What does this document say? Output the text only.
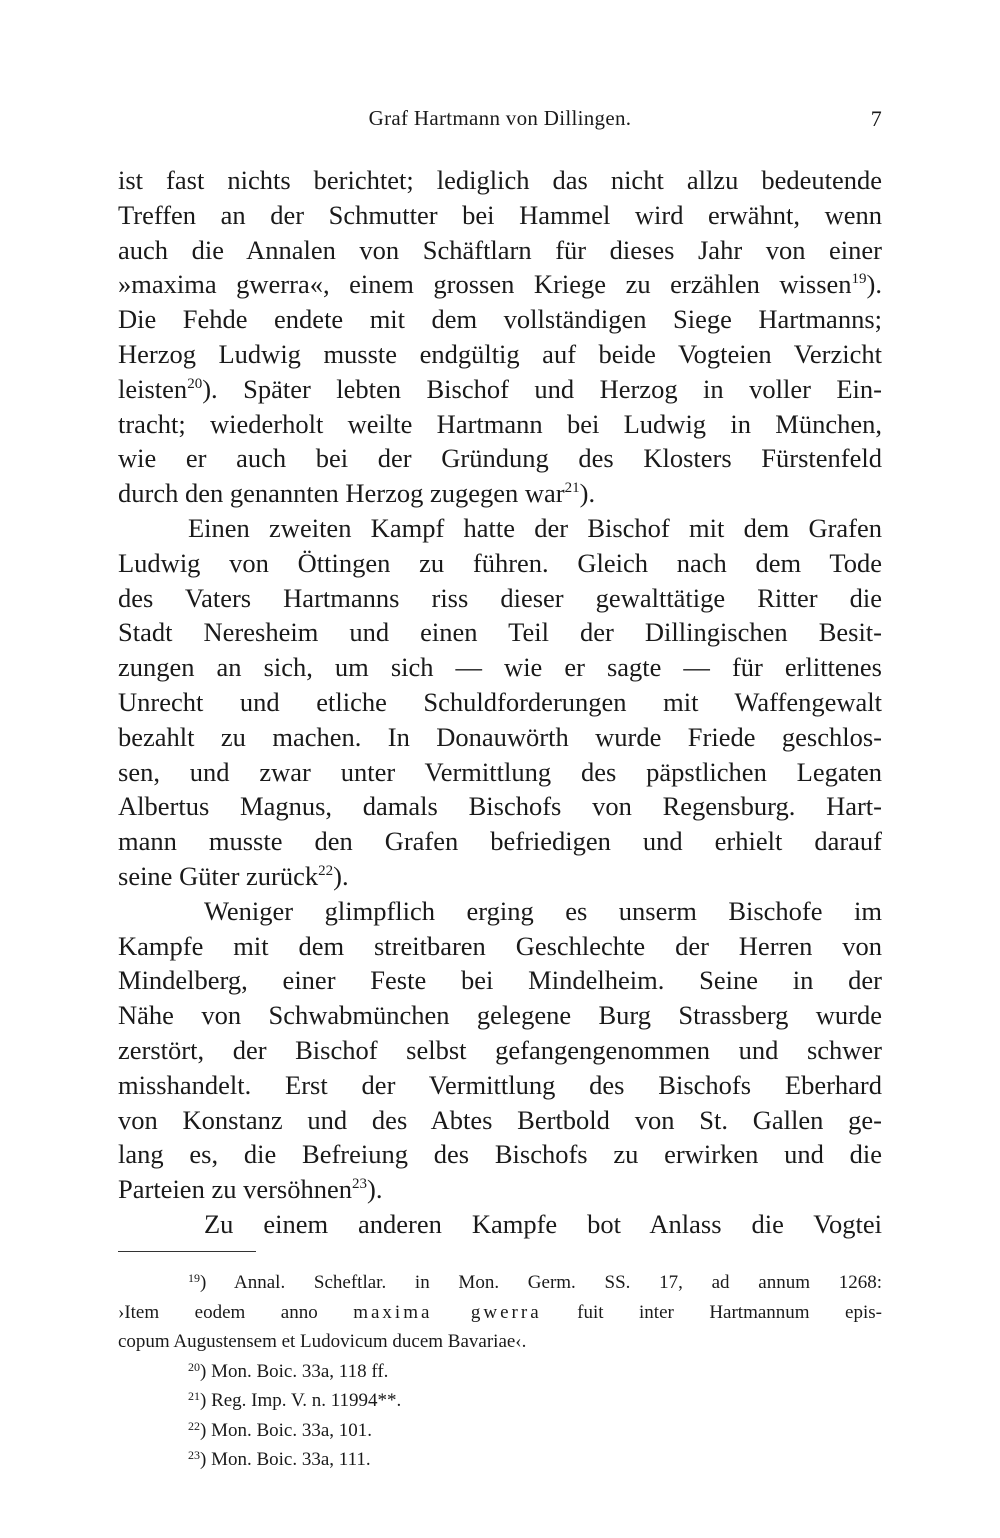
Graf Hartmann von Dillingen.	7
ist fast nichts berichtet; lediglich das nicht allzu bedeutende
Treffen an der Schmutter bei Hammel wird erwähnt, wenn
auch die Annalen von Schäftlarn für dieses Jahr von einer
»maxima gwerra«, einem grossen Kriege zu erzählen wissen$^{19}$).
Die Fehde endete mit dem vollständigen Siege Hartmanns;
Herzog Ludwig musste endgültig auf beide Vogteien Verzicht
leisten$^{20}$). Später lebten Bischof und Herzog in voller Ein-
tracht; wiederholt weilte Hartmann bei Ludwig in München,
wie er auch bei der Gründung des Klosters Fürstenfeld
durch den genannten Herzog zugegen war$^{21}$).
Einen zweiten Kampf hatte der Bischof mit dem Grafen
Ludwig von Öttingen zu führen. Gleich nach dem Tode
des Vaters Hartmanns riss dieser gewalttätige Ritter die
Stadt Neresheim und einen Teil der Dillingischen Besit-
zungen an sich, um sich — wie er sagte — für erlittenes
Unrecht und etliche Schuldforderungen mit Waffengewalt
bezahlt zu machen. In Donauwörth wurde Friede geschlos-
sen, und zwar unter Vermittlung des päpstlichen Legaten
Albertus Magnus, damals Bischofs von Regensburg. Hart-
mann musste den Grafen befriedigen und erhielt darauf
seine Güter zurück$^{22}$).
Weniger glimpflich erging es unserm Bischofe im
Kampfe mit dem streitbaren Geschlechte der Herren von
Mindelberg, einer Feste bei Mindelheim. Seine in der
Nähe von Schwabmünchen gelegene Burg Strassberg wurde
zerstört, der Bischof selbst gefangengenommen und schwer
misshandelt. Erst der Vermittlung des Bischofs Eberhard
von Konstanz und des Abtes Bertbold von St. Gallen ge-
lang es, die Befreiung des Bischofs zu erwirken und die
Parteien zu versöhnen$^{23}$).
Zu einem anderen Kampfe bot Anlass die Vogtei
$^{19}$) Annal. Scheftlar. in Mon. Germ. SS. 17, ad annum 1268:
›Item eodem anno maxima gwerra fuit inter Hartmannum epis-
copum Augustensem et Ludovicum ducem Bavariae‹.
$^{20}$) Mon. Boic. 33a, 118 ff.
$^{21}$) Reg. Imp. V. n. 11994**.
$^{22}$) Mon. Boic. 33a, 101.
$^{23}$) Mon. Boic. 33a, 111.
